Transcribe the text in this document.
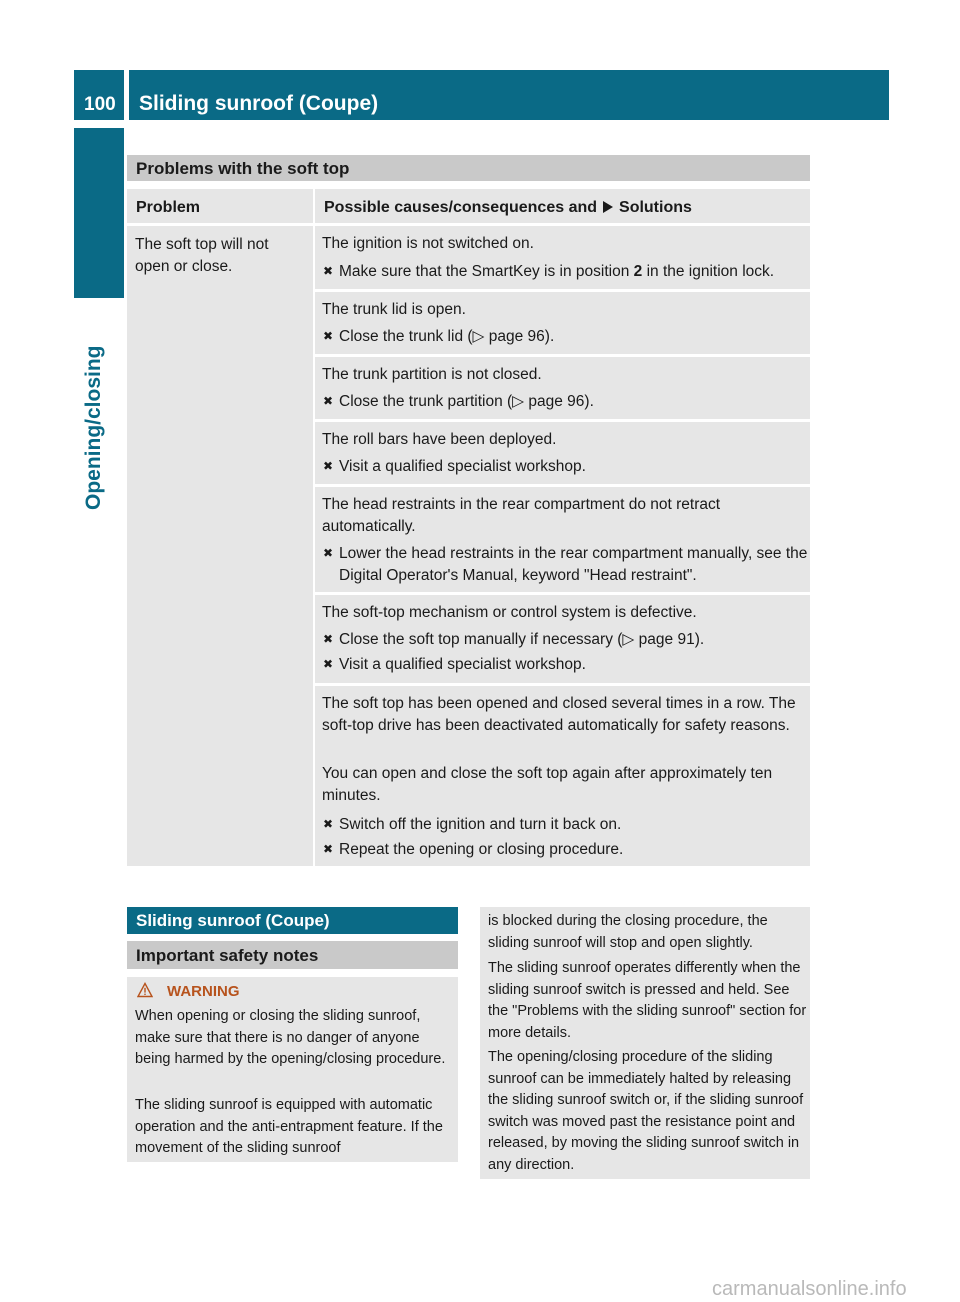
100 Sliding sunroof (Coupe)
Opening/closing
Problems with the soft top
Problem	Possible causes/consequences and Solutions
The soft top will not open or close.
The ignition is not switched on.
✖ Make sure that the SmartKey is in position 2 in the ignition lock.
The trunk lid is open.
✖ Close the trunk lid (▷ page 96).
The trunk partition is not closed.
✖ Close the trunk partition (▷ page 96).
The roll bars have been deployed.
✖ Visit a qualified specialist workshop.
The head restraints in the rear compartment do not retract automatically.
✖ Lower the head restraints in the rear compartment manually, see the Digital Operator's Manual, keyword "Head restraint".
The soft-top mechanism or control system is defective.
✖ Close the soft top manually if necessary (▷ page 91).
✖ Visit a qualified specialist workshop.
The soft top has been opened and closed several times in a row. The soft-top drive has been deactivated automatically for safety reasons.
You can open and close the soft top again after approximately ten minutes.
✖ Switch off the ignition and turn it back on.
✖ Repeat the opening or closing procedure.
Sliding sunroof (Coupe)
Important safety notes
WARNING
When opening or closing the sliding sunroof, make sure that there is no danger of anyone being harmed by the opening/closing procedure.
The sliding sunroof is equipped with automatic operation and the anti-entrapment feature. If the movement of the sliding sunroof
is blocked during the closing procedure, the sliding sunroof will stop and open slightly.
The sliding sunroof operates differently when the sliding sunroof switch is pressed and held. See the "Problems with the sliding sunroof" section for more details.
The opening/closing procedure of the sliding sunroof can be immediately halted by releasing the sliding sunroof switch or, if the sliding sunroof switch was moved past the resistance point and released, by moving the sliding sunroof switch in any direction.
carmanualsonline.info
